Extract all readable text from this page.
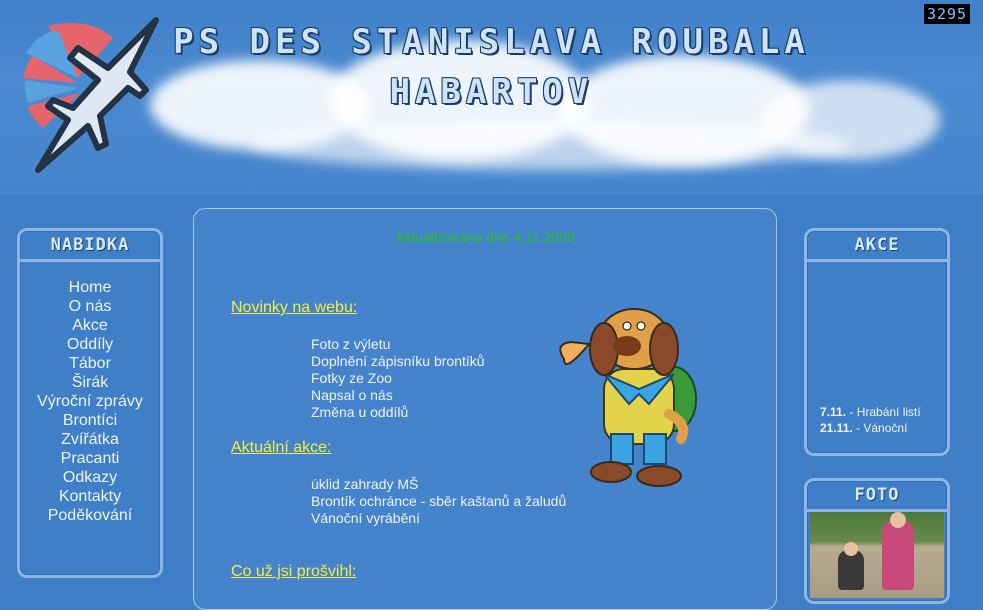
PS DES STANISLAVA ROUBALA
HABARTOV
3295
NABIDKA
Home
O nás
Akce
Oddíly
Tábor
Širák
Výroční zprávy
Brontíci
Zvířátka
Pracanti
Odkazy
Kontakty
Poděkování
Aktualizováno dne 4.11.2009
Novinky na webu:
Foto z výletu
Doplnění zápisníku brontíků
Fotky ze Zoo
Napsal o nás
Změna u oddílů
Aktuální akce:
úklid zahrady MŠ
Brontík ochránce - sběr kaštanů a žaludů
Vánoční vyrábění
Co už jsi prošvihl:
AKCE
7.11. - Hrabání listí
21.11. - Vánoční
FOTO
